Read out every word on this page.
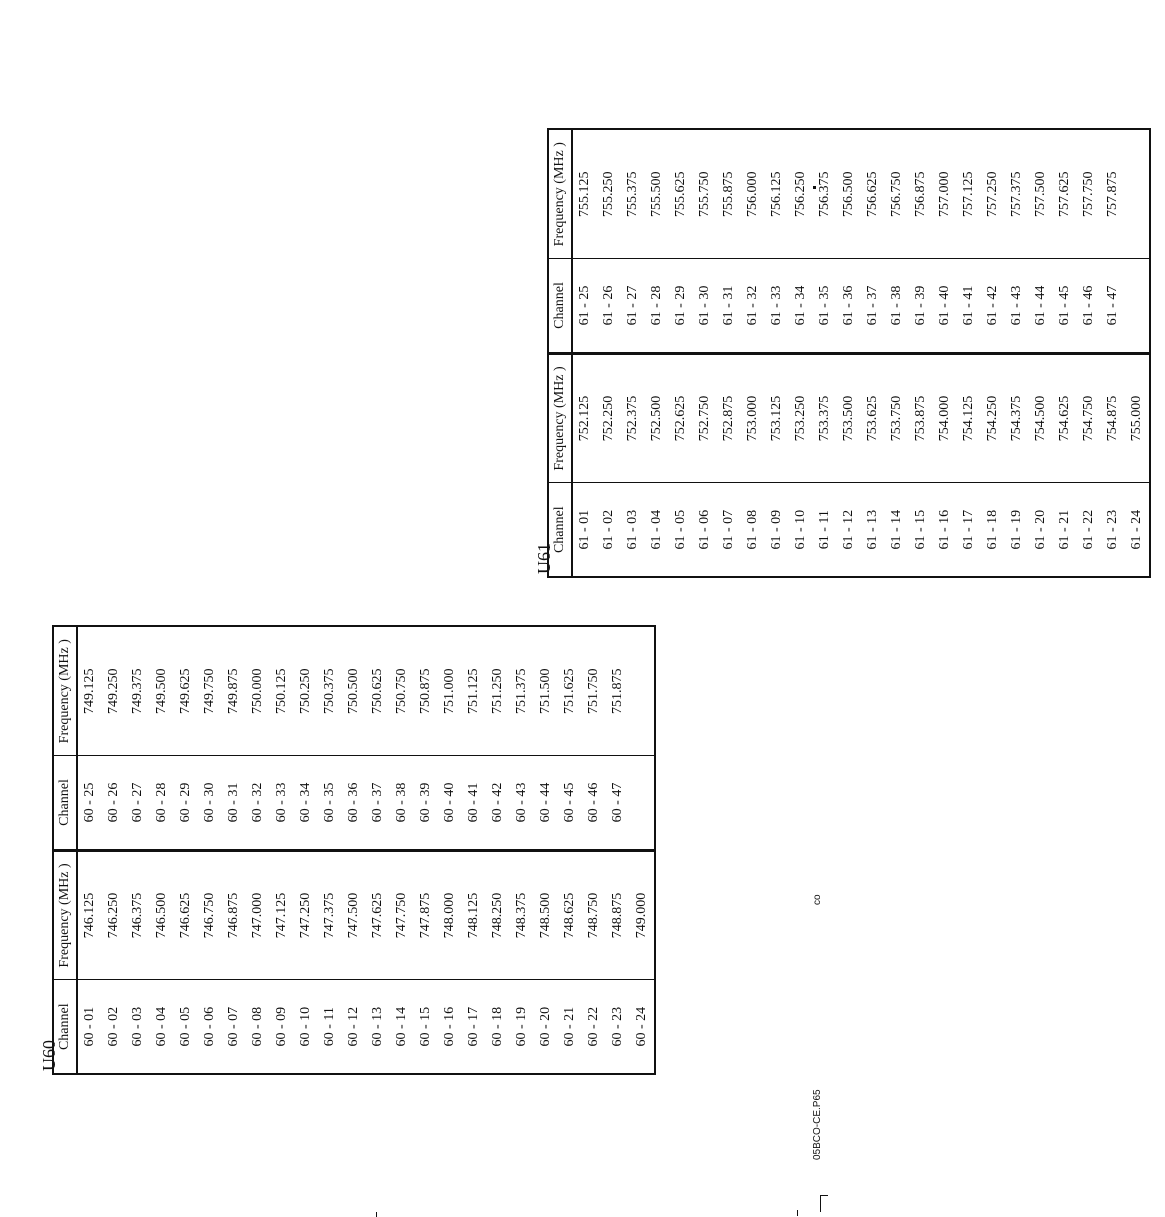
U60
Channel	Frequency (MHz )	Channel	Frequency (MHz )
60 - 01	746.125	60 - 25	749.125
60 - 02	746.250	60 - 26	749.250
60 - 03	746.375	60 - 27	749.375
60 - 04	746.500	60 - 28	749.500
60 - 05	746.625	60 - 29	749.625
60 - 06	746.750	60 - 30	749.750
60 - 07	746.875	60 - 31	749.875
60 - 08	747.000	60 - 32	750.000
60 - 09	747.125	60 - 33	750.125
60 - 10	747.250	60 - 34	750.250
60 - 11	747.375	60 - 35	750.375
60 - 12	747.500	60 - 36	750.500
60 - 13	747.625	60 - 37	750.625
60 - 14	747.750	60 - 38	750.750
60 - 15	747.875	60 - 39	750.875
60 - 16	748.000	60 - 40	751.000
60 - 17	748.125	60 - 41	751.125
60 - 18	748.250	60 - 42	751.250
60 - 19	748.375	60 - 43	751.375
60 - 20	748.500	60 - 44	751.500
60 - 21	748.625	60 - 45	751.625
60 - 22	748.750	60 - 46	751.750
60 - 23	748.875	60 - 47	751.875
60 - 24	749.000		
U61
Channel	Frequency (MHz )	Channel	Frequency (MHz )
61 - 01	752.125	61 - 25	755.125
61 - 02	752.250	61 - 26	755.250
61 - 03	752.375	61 - 27	755.375
61 - 04	752.500	61 - 28	755.500
61 - 05	752.625	61 - 29	755.625
61 - 06	752.750	61 - 30	755.750
61 - 07	752.875	61 - 31	755.875
61 - 08	753.000	61 - 32	756.000
61 - 09	753.125	61 - 33	756.125
61 - 10	753.250	61 - 34	756.250
61 - 11	753.375	61 - 35	756.375
61 - 12	753.500	61 - 36	756.500
61 - 13	753.625	61 - 37	756.625
61 - 14	753.750	61 - 38	756.750
61 - 15	753.875	61 - 39	756.875
61 - 16	754.000	61 - 40	757.000
61 - 17	754.125	61 - 41	757.125
61 - 18	754.250	61 - 42	757.250
61 - 19	754.375	61 - 43	757.375
61 - 20	754.500	61 - 44	757.500
61 - 21	754.625	61 - 45	757.625
61 - 22	754.750	61 - 46	757.750
61 - 23	754.875	61 - 47	757.875
61 - 24	755.000		
05BCO-CE.P65
co
